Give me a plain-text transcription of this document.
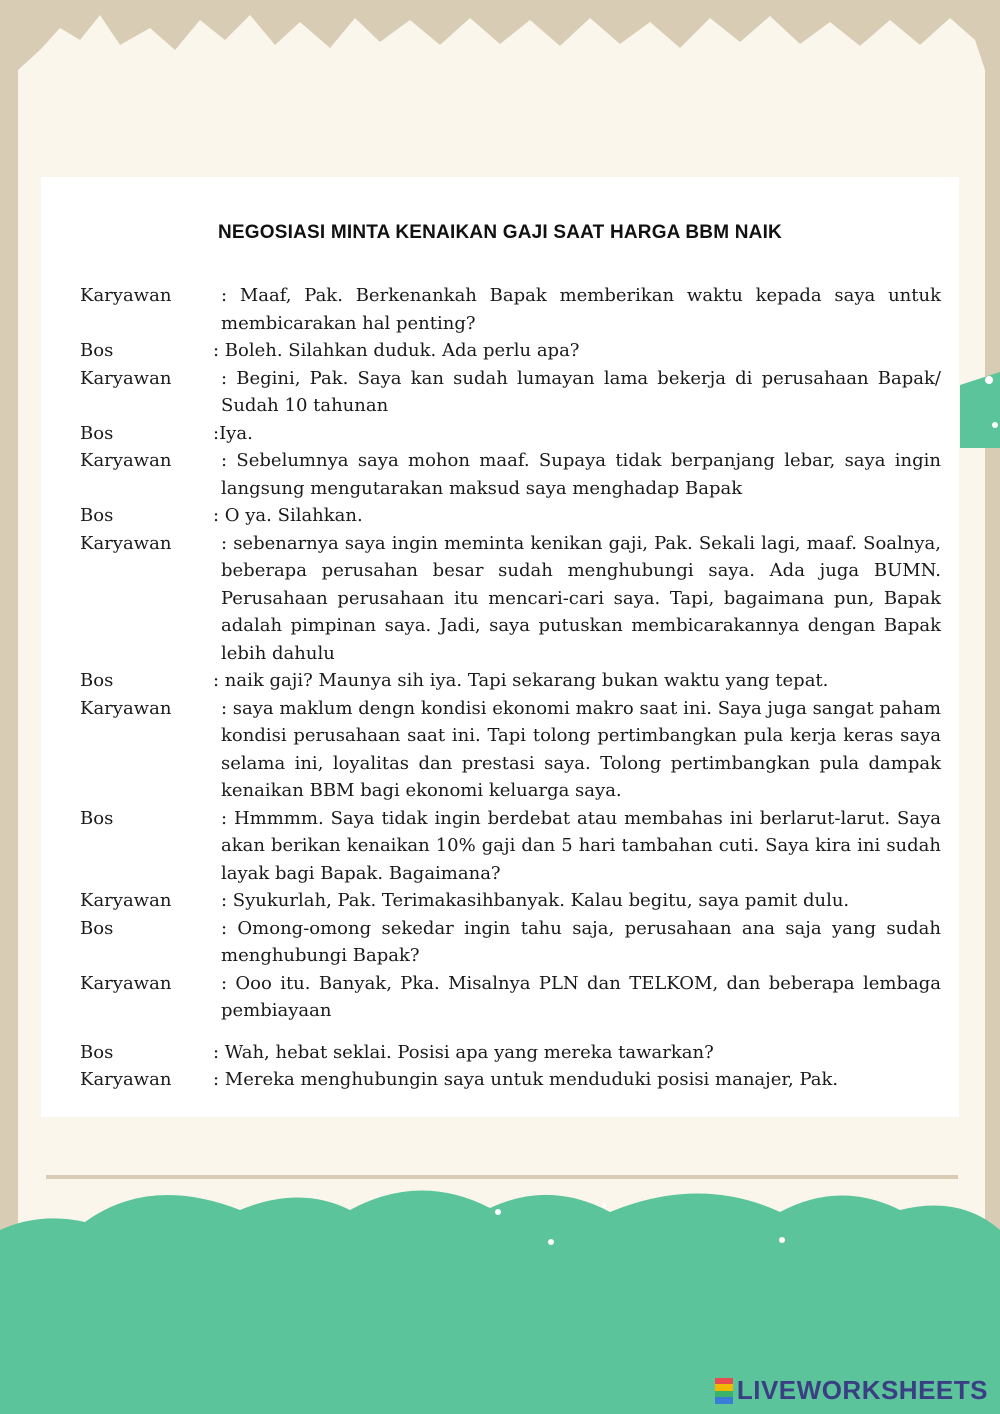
NEGOSIASI MINTA KENAIKAN GAJI SAAT HARGA BBM NAIK
Karyawan	: Maaf, Pak. Berkenankah Bapak memberikan waktu kepada saya untuk membicarakan hal penting?
Bos	: Boleh. Silahkan duduk. Ada perlu apa?
Karyawan	: Begini, Pak. Saya kan sudah lumayan lama bekerja di perusahaan Bapak/ Sudah 10 tahunan
Bos	:Iya.
Karyawan	: Sebelumnya saya mohon maaf. Supaya tidak berpanjang lebar, saya ingin langsung mengutarakan maksud saya menghadap Bapak
Bos	: O ya. Silahkan.
Karyawan	: sebenarnya saya ingin meminta kenikan gaji, Pak. Sekali lagi, maaf. Soalnya, beberapa perusahan besar sudah menghubungi saya. Ada juga BUMN. Perusahaan perusahaan itu mencari-cari saya. Tapi, bagaimana pun, Bapak adalah pimpinan saya. Jadi, saya putuskan membicarakannya dengan Bapak lebih dahulu
Bos	: naik gaji? Maunya sih iya. Tapi sekarang bukan waktu yang tepat.
Karyawan	: saya maklum dengn kondisi ekonomi makro saat ini. Saya juga sangat paham kondisi perusahaan saat ini. Tapi tolong pertimbangkan pula kerja keras saya selama ini, loyalitas dan prestasi saya. Tolong pertimbangkan pula dampak kenaikan BBM bagi ekonomi keluarga saya.
Bos	: Hmmmm. Saya tidak ingin berdebat atau membahas ini berlarut-larut. Saya akan berikan kenaikan 10% gaji dan 5 hari tambahan cuti. Saya kira ini sudah layak bagi Bapak. Bagaimana?
Karyawan	: Syukurlah, Pak. Terimakasihbanyak. Kalau begitu, saya pamit dulu.
Bos	: Omong-omong sekedar ingin tahu saja, perusahaan ana saja yang sudah menghubungi Bapak?
Karyawan	: Ooo itu. Banyak, Pka. Misalnya PLN dan TELKOM, dan beberapa lembaga pembiayaan
Bos	: Wah, hebat seklai. Posisi apa yang mereka tawarkan?
Karyawan	: Mereka menghubungin saya untuk menduduki posisi manajer, Pak.
LIVEWORKSHEETS
